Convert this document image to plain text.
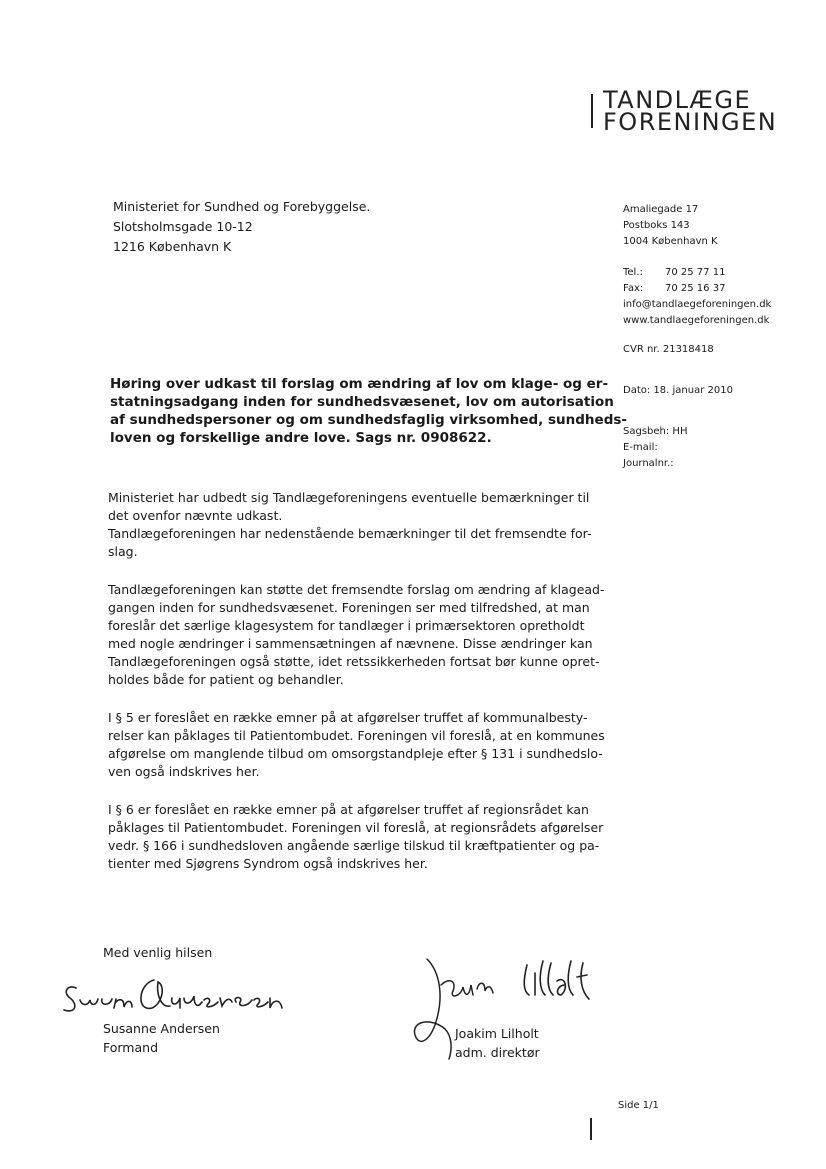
TANDLÆGE
FORENINGEN
Ministeriet for Sundhed og Forebyggelse.
Slotsholmsgade 10-12
1216 København K
Amaliegade 17
Postboks 143
1004 København K
Tel.: 70 25 77 11
Fax: 70 25 16 37
info@tandlaegeforeningen.dk
www.tandlaegeforeningen.dk
CVR nr. 21318418
Dato: 18. januar 2010
Sagsbeh: HH
E-mail:
Journalnr.:
Høring over udkast til forslag om ændring af lov om klage- og er-
statningsadgang inden for sundhedsvæsenet, lov om autorisation
af sundhedspersoner og om sundhedsfaglig virksomhed, sundheds-
loven og forskellige andre love. Sags nr. 0908622.
Ministeriet har udbedt sig Tandlægeforeningens eventuelle bemærkninger til
det ovenfor nævnte udkast.
Tandlægeforeningen har nedenstående bemærkninger til det fremsendte for-
slag.
Tandlægeforeningen kan støtte det fremsendte forslag om ændring af klagead-
gangen inden for sundhedsvæsenet. Foreningen ser med tilfredshed, at man
foreslår det særlige klagesystem for tandlæger i primærsektoren opretholdt
med nogle ændringer i sammensætningen af nævnene. Disse ændringer kan
Tandlægeforeningen også støtte, idet retssikkerheden fortsat bør kunne opret-
holdes både for patient og behandler.
I § 5 er foreslået en række emner på at afgørelser truffet af kommunalbesty-
relser kan påklages til Patientombudet. Foreningen vil foreslå, at en kommunes
afgørelse om manglende tilbud om omsorgstandpleje efter § 131 i sundhedslo-
ven også indskrives her.
I § 6 er foreslået en række emner på at afgørelser truffet af regionsrådet kan
påklages til Patientombudet. Foreningen vil foreslå, at regionsrådets afgørelser
vedr. § 166 i sundhedsloven angående særlige tilskud til kræftpatienter og pa-
tienter med Sjøgrens Syndrom også indskrives her.
Med venlig hilsen
Susanne Andersen
Formand
Joakim Lilholt
adm. direktør
Side 1/1
